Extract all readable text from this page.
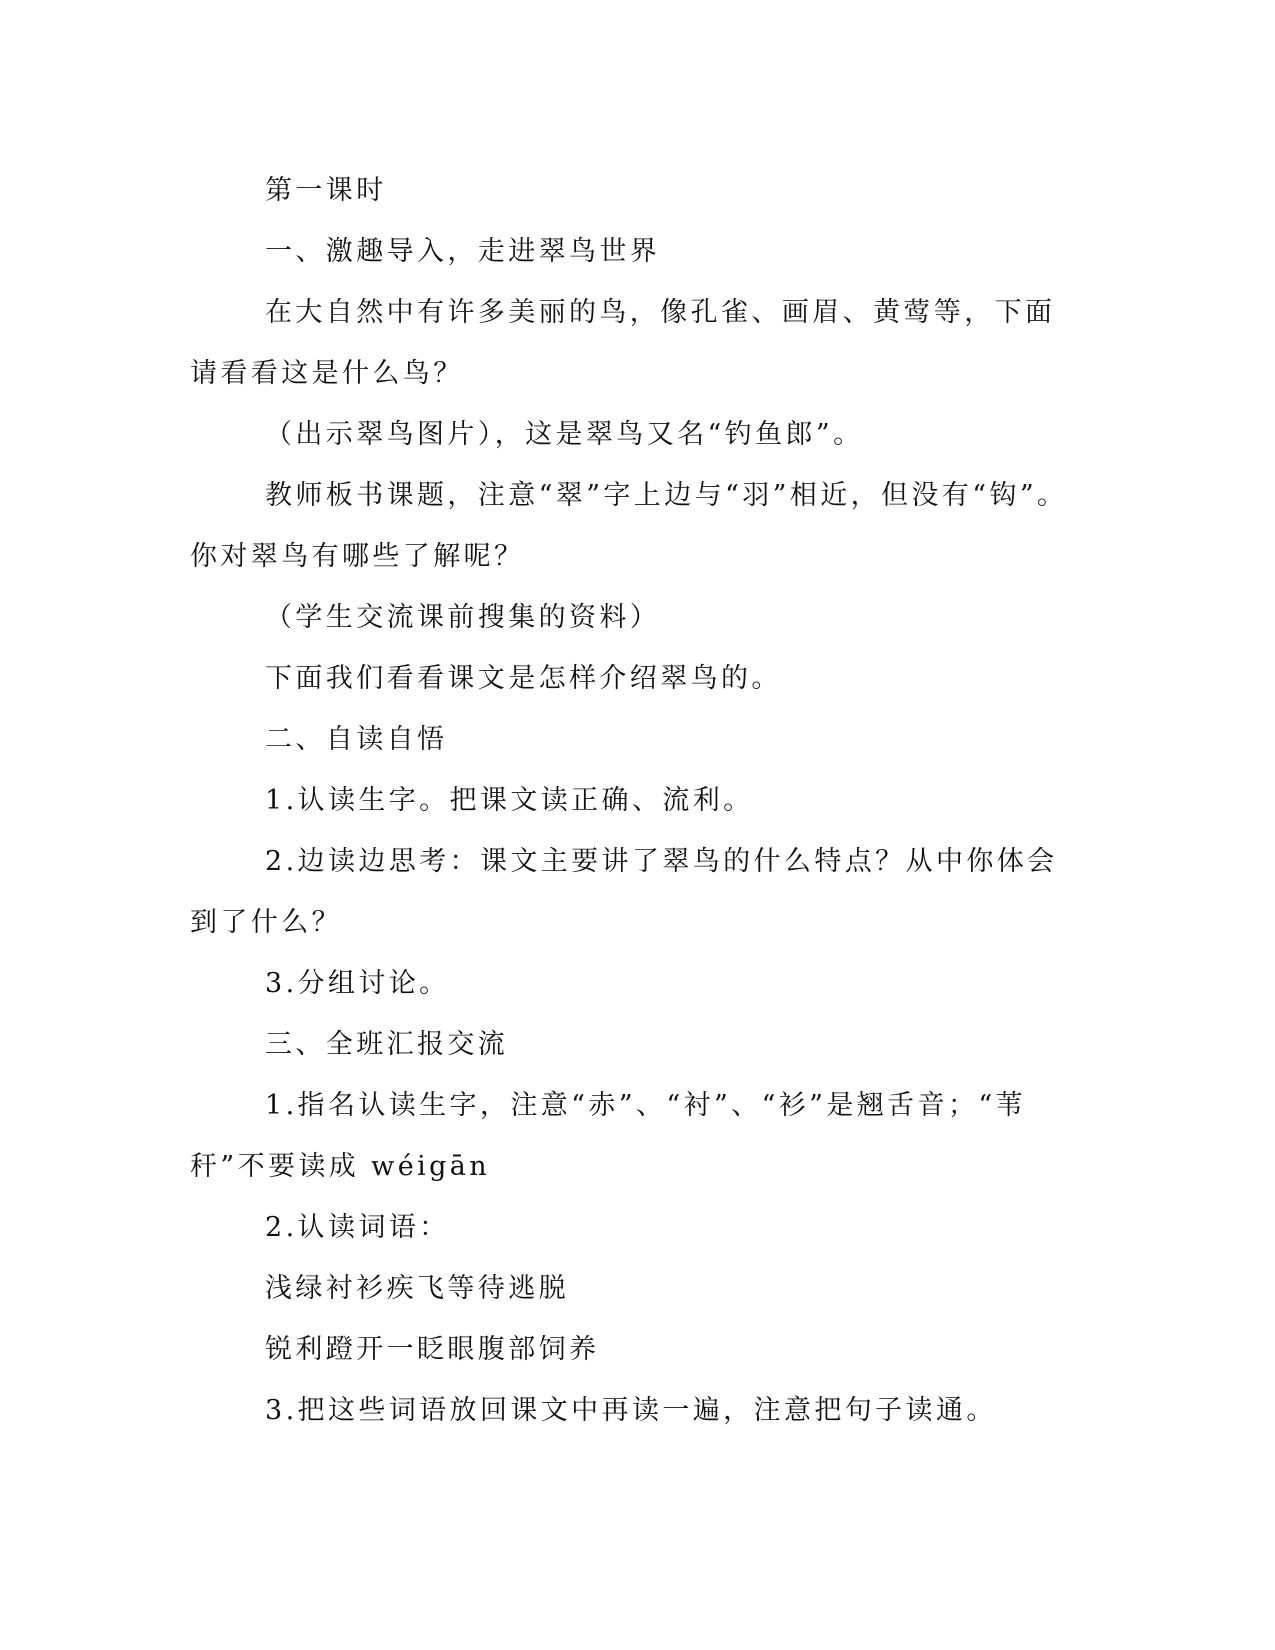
第一课时

一、激趣导入，走进翠鸟世界

在大自然中有许多美丽的鸟，像孔雀、画眉、黄莺等，下面请看看这是什么鸟？

（出示翠鸟图片），这是翠鸟又名“钓鱼郎”。

教师板书课题，注意“翠”字上边与“羽”相近，但没有“钩”。你对翠鸟有哪些了解呢？

（学生交流课前搜集的资料）

下面我们看看课文是怎样介绍翠鸟的。

二、自读自悟

1.认读生字。把课文读正确、流利。

2.边读边思考：课文主要讲了翠鸟的什么特点？从中你体会到了什么？

3.分组讨论。

三、全班汇报交流

1.指名认读生字，注意“赤”、“衬”、“衫”是翘舌音；“苇秆”不要读成 wéigān

2.认读词语：

浅绿衬衫疾飞等待逃脱

锐利蹬开一眨眼腹部饲养

3.把这些词语放回课文中再读一遍，注意把句子读通。
